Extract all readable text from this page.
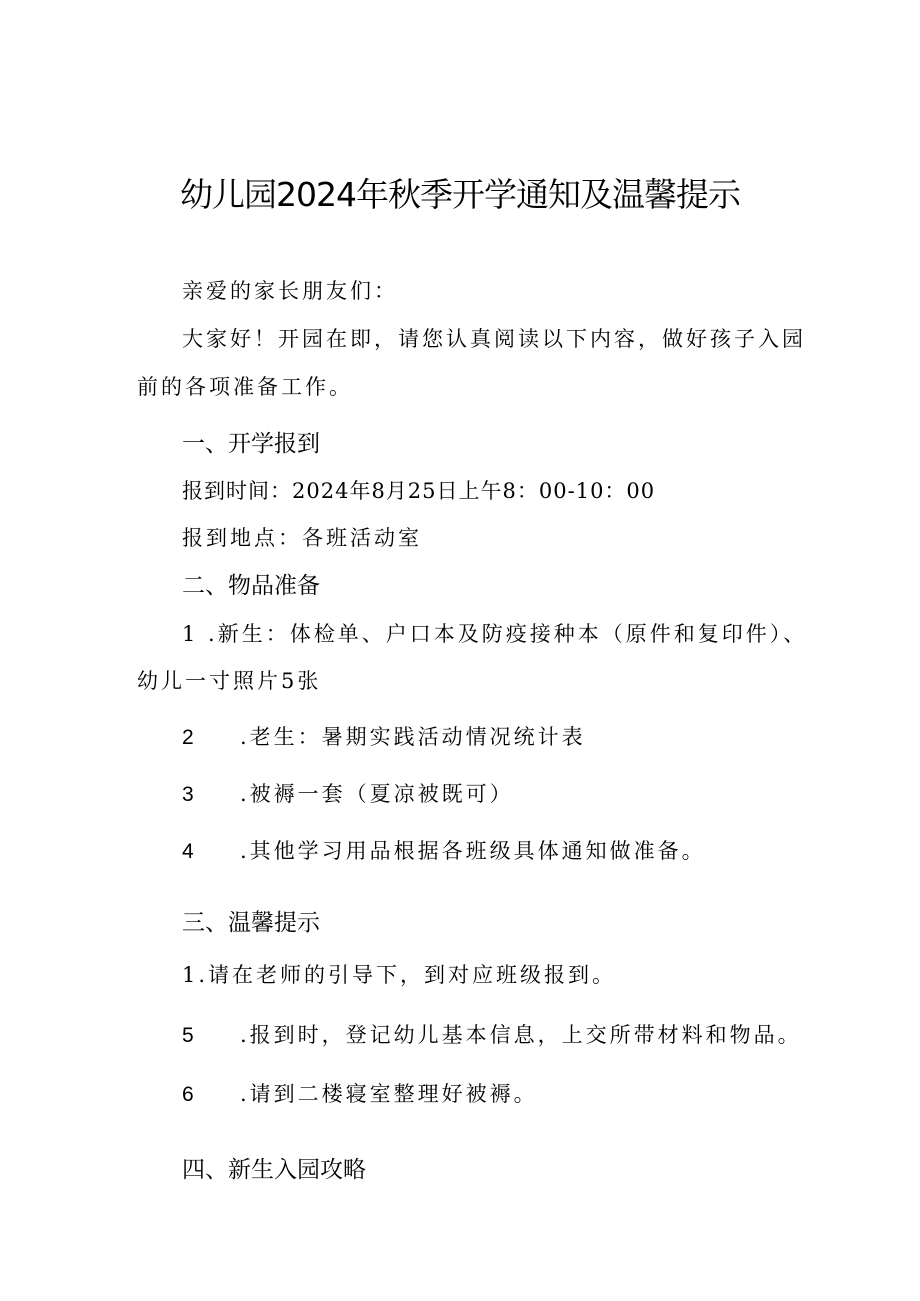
幼儿园2024年秋季开学通知及温馨提示
亲爱的家长朋友们：
大家好！开园在即，请您认真阅读以下内容，做好孩子入园
前的各项准备工作。
一、开学报到
报到时间：2024年8月25日上午8：00-10：00
报到地点：各班活动室
二、物品准备
1 .新生：体检单、户口本及防疫接种本（原件和复印件）、
幼儿一寸照片5张
2 .老生：暑期实践活动情况统计表
3 .被褥一套（夏凉被既可）
4 .其他学习用品根据各班级具体通知做准备。
三、温馨提示
1.请在老师的引导下，到对应班级报到。
5 .报到时，登记幼儿基本信息，上交所带材料和物品。
6 .请到二楼寝室整理好被褥。
四、新生入园攻略
